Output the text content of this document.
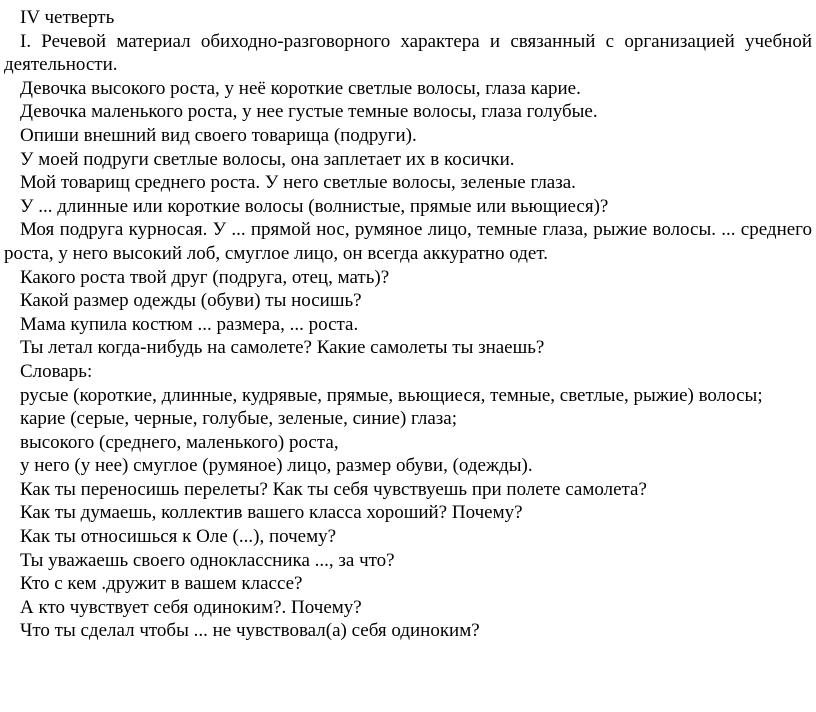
IV четверть

I. Речевой материал обиходно-разговорного характера и связанный с организацией учебной деятельности.

Девочка высокого роста, у неё короткие светлые волосы, глаза карие.

Девочка маленького роста, у нее густые темные волосы, глаза голубые.

Опиши внешний вид своего товарища (подруги).

У моей подруги светлые волосы, она заплетает их в косички.

Мой товарищ среднего роста. У него светлые волосы, зеленые глаза.

У ... длинные или короткие волосы (волнистые, прямые или вьющиеся)?

Моя подруга курносая. У ... прямой нос, румяное лицо, темные глаза, рыжие волосы. ... среднего роста, у него высокий лоб, смуглое лицо, он всегда аккуратно одет.

Какого роста твой друг (подруга, отец, мать)?

Какой размер одежды (обуви) ты носишь?

Мама купила костюм ... размера, ... роста.

Ты летал когда-нибудь на самолете? Какие самолеты ты знаешь?

Словарь:

русые (короткие, длинные, кудрявые, прямые, вьющиеся, темные, светлые, рыжие) волосы;

карие (серые, черные, голубые, зеленые, синие) глаза;

высокого (среднего, маленького) роста,

у него (у нее) смуглое (румяное) лицо, размер обуви, (одежды).

Как ты переносишь перелеты? Как ты себя чувствуешь при полете самолета?

Как ты думаешь, коллектив вашего класса хороший? Почему?

Как ты относишься к Оле (...), почему?

Ты уважаешь своего одноклассника ..., за что?

Кто с кем .дружит в вашем классе?

А кто чувствует себя одиноким?. Почему?

Что ты сделал чтобы ... не чувствовал(а) себя одиноким?
